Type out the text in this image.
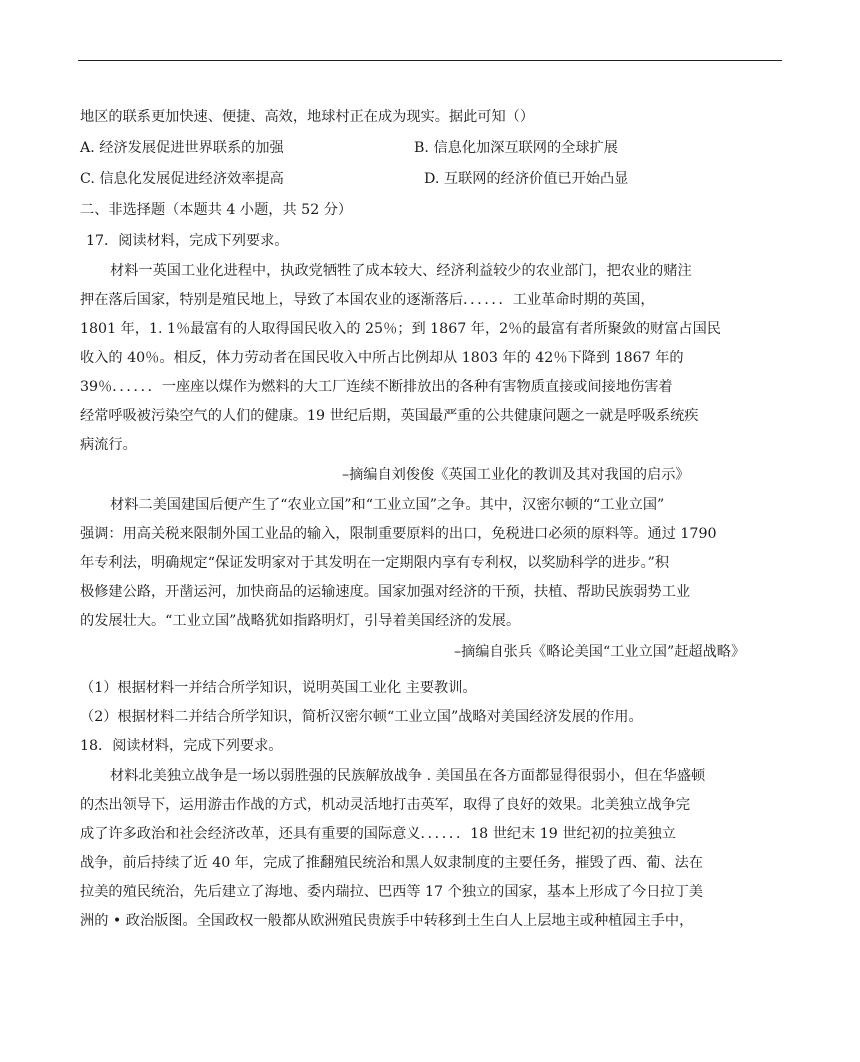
地区的联系更加快速、便捷、高效，地球村正在成为现实。据此可知（）
A. 经济发展促进世界联系的加强	B. 信息化加深互联网的全球扩展
C. 信息化发展促进经济效率提高	D. 互联网的经济价值已开始凸显
二、非选择题（本题共 4 小题，共 52 分）
17．阅读材料，完成下列要求。
材料一英国工业化进程中，执政党牺牲了成本较大、经济利益较少的农业部门，把农业的赌注
押在落后国家，特别是殖民地上，导致了本国农业的逐渐落后．．．．．．工业革命时期的英国，
1801 年，1. 1％最富有的人取得国民收入的 25％；到 1867 年，2％的最富有者所聚敛的财富占国民
收入的 40％。相反，体力劳动者在国民收入中所占比例却从 1803 年的 42％下降到 1867 年的
39％．．．．．．一座座以煤作为燃料的大工厂连续不断排放出的各种有害物质直接或间接地伤害着
经常呼吸被污染空气的人们的健康。19 世纪后期，英国最严重的公共健康问题之一就是呼吸系统疾
病流行。
–摘编自刘俊俊《英国工业化的教训及其对我国的启示》
材料二美国建国后便产生了“农业立国”和“工业立国”之争。其中，汉密尔顿的“工业立国”
强调：用高关税来限制外国工业品的输入，限制重要原料的出口，免税进口必须的原料等。通过 1790
年专利法，明确规定“保证发明家对于其发明在一定期限内享有专利权，以奖励科学的进步。”积
极修建公路，开凿运河，加快商品的运输速度。国家加强对经济的干预，扶植、帮助民族弱势工业
的发展壮大。“工业立国”战略犹如指路明灯，引导着美国经济的发展。
–摘编自张兵《略论美国“工业立国”赶超战略》
（1）根据材料一并结合所学知识，说明英国工业化 主要教训。
（2）根据材料二并结合所学知识，简析汉密尔顿“工业立国”战略对美国经济发展的作用。
18．阅读材料，完成下列要求。
材料北美独立战争是一场以弱胜强的民族解放战争 . 美国虽在各方面都显得很弱小，但在华盛顿
的杰出领导下，运用游击作战的方式，机动灵活地打击英军，取得了良好的效果。北美独立战争完
成了许多政治和社会经济改革，还具有重要的国际意义．．．．．．18 世纪末 19 世纪初的拉美独立
战争，前后持续了近 40 年，完成了推翻殖民统治和黑人奴隶制度的主要任务，摧毁了西、葡、法在
拉美的殖民统治，先后建立了海地、委内瑞拉、巴西等 17 个独立的国家，基本上形成了今日拉丁美
洲的 • 政治版图。全国政权一般都从欧洲殖民贵族手中转移到土生白人上层地主或种植园主手中，
